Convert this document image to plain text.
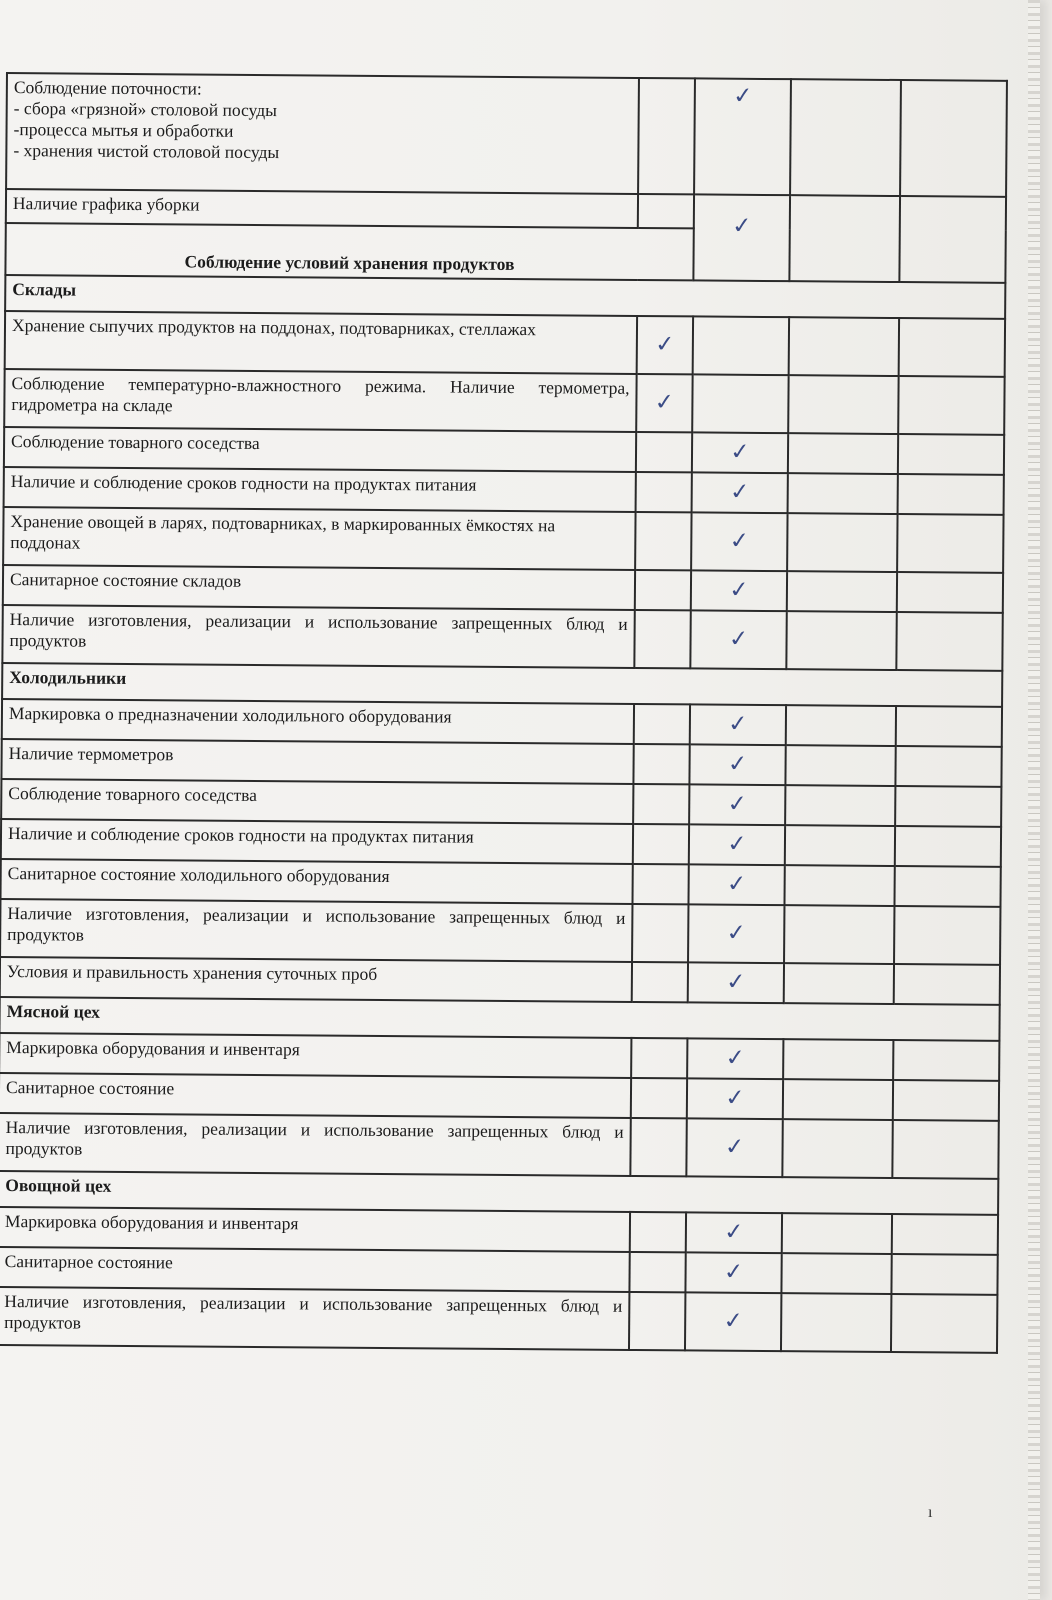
Соблюдение поточности:
- сбора «грязной» столовой посуды
-процесса мытья и обработки
- хранения чистой столовой посуды		✓		
Наличие графика уборки		✓		
Соблюдение условий хранения продуктов				
Склады				
Хранение сыпучих продуктов на поддонах, подтоварниках, стеллажах	✓			
Соблюдение температурно-влажностного режима. Наличие термометра, гидрометра на складе	✓			
Соблюдение товарного соседства		✓		
Наличие и соблюдение сроков годности на продуктах питания		✓		
Хранение овощей в ларях, подтоварниках, в маркированных ёмкостях на поддонах		✓		
Санитарное состояние складов		✓		
Наличие изготовления, реализации и использование запрещенных блюд и продуктов		✓		
Холодильники				
Маркировка о предназначении холодильного оборудования		✓		
Наличие термометров		✓		
Соблюдение товарного соседства		✓		
Наличие и соблюдение сроков годности на продуктах питания		✓		
Санитарное состояние холодильного оборудования		✓		
Наличие изготовления, реализации и использование запрещенных блюд и продуктов		✓		
Условия и правильность хранения суточных проб		✓		
Мясной цех				
Маркировка оборудования и инвентаря		✓		
Санитарное состояние		✓		
Наличие изготовления, реализации и использование запрещенных блюд и продуктов		✓		
Овощной цех				
Маркировка оборудования и инвентаря		✓		
Санитарное состояние		✓		
Наличие изготовления, реализации и использование запрещенных блюд и продуктов		✓		
ı
